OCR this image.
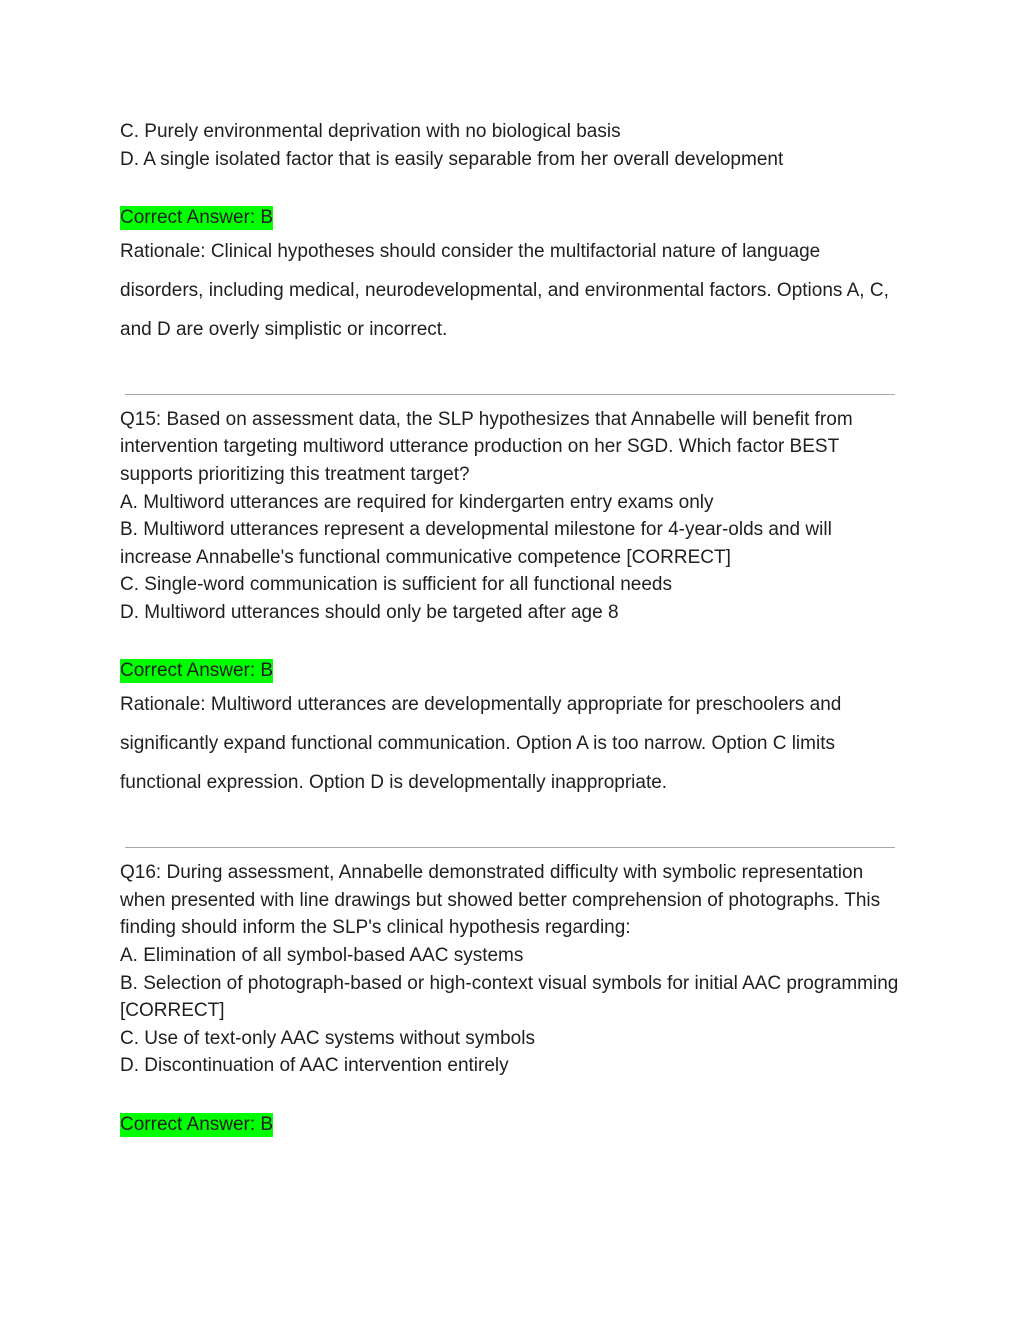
C. Purely environmental deprivation with no biological basis
D. A single isolated factor that is easily separable from her overall development
Correct Answer: B
Rationale: Clinical hypotheses should consider the multifactorial nature of language disorders, including medical, neurodevelopmental, and environmental factors. Options A, C, and D are overly simplistic or incorrect.
Q15: Based on assessment data, the SLP hypothesizes that Annabelle will benefit from intervention targeting multiword utterance production on her SGD. Which factor BEST supports prioritizing this treatment target?
A. Multiword utterances are required for kindergarten entry exams only
B. Multiword utterances represent a developmental milestone for 4-year-olds and will increase Annabelle's functional communicative competence [CORRECT]
C. Single-word communication is sufficient for all functional needs
D. Multiword utterances should only be targeted after age 8
Correct Answer: B
Rationale: Multiword utterances are developmentally appropriate for preschoolers and significantly expand functional communication. Option A is too narrow. Option C limits functional expression. Option D is developmentally inappropriate.
Q16: During assessment, Annabelle demonstrated difficulty with symbolic representation when presented with line drawings but showed better comprehension of photographs. This finding should inform the SLP's clinical hypothesis regarding:
A. Elimination of all symbol-based AAC systems
B. Selection of photograph-based or high-context visual symbols for initial AAC programming [CORRECT]
C. Use of text-only AAC systems without symbols
D. Discontinuation of AAC intervention entirely
Correct Answer: B
